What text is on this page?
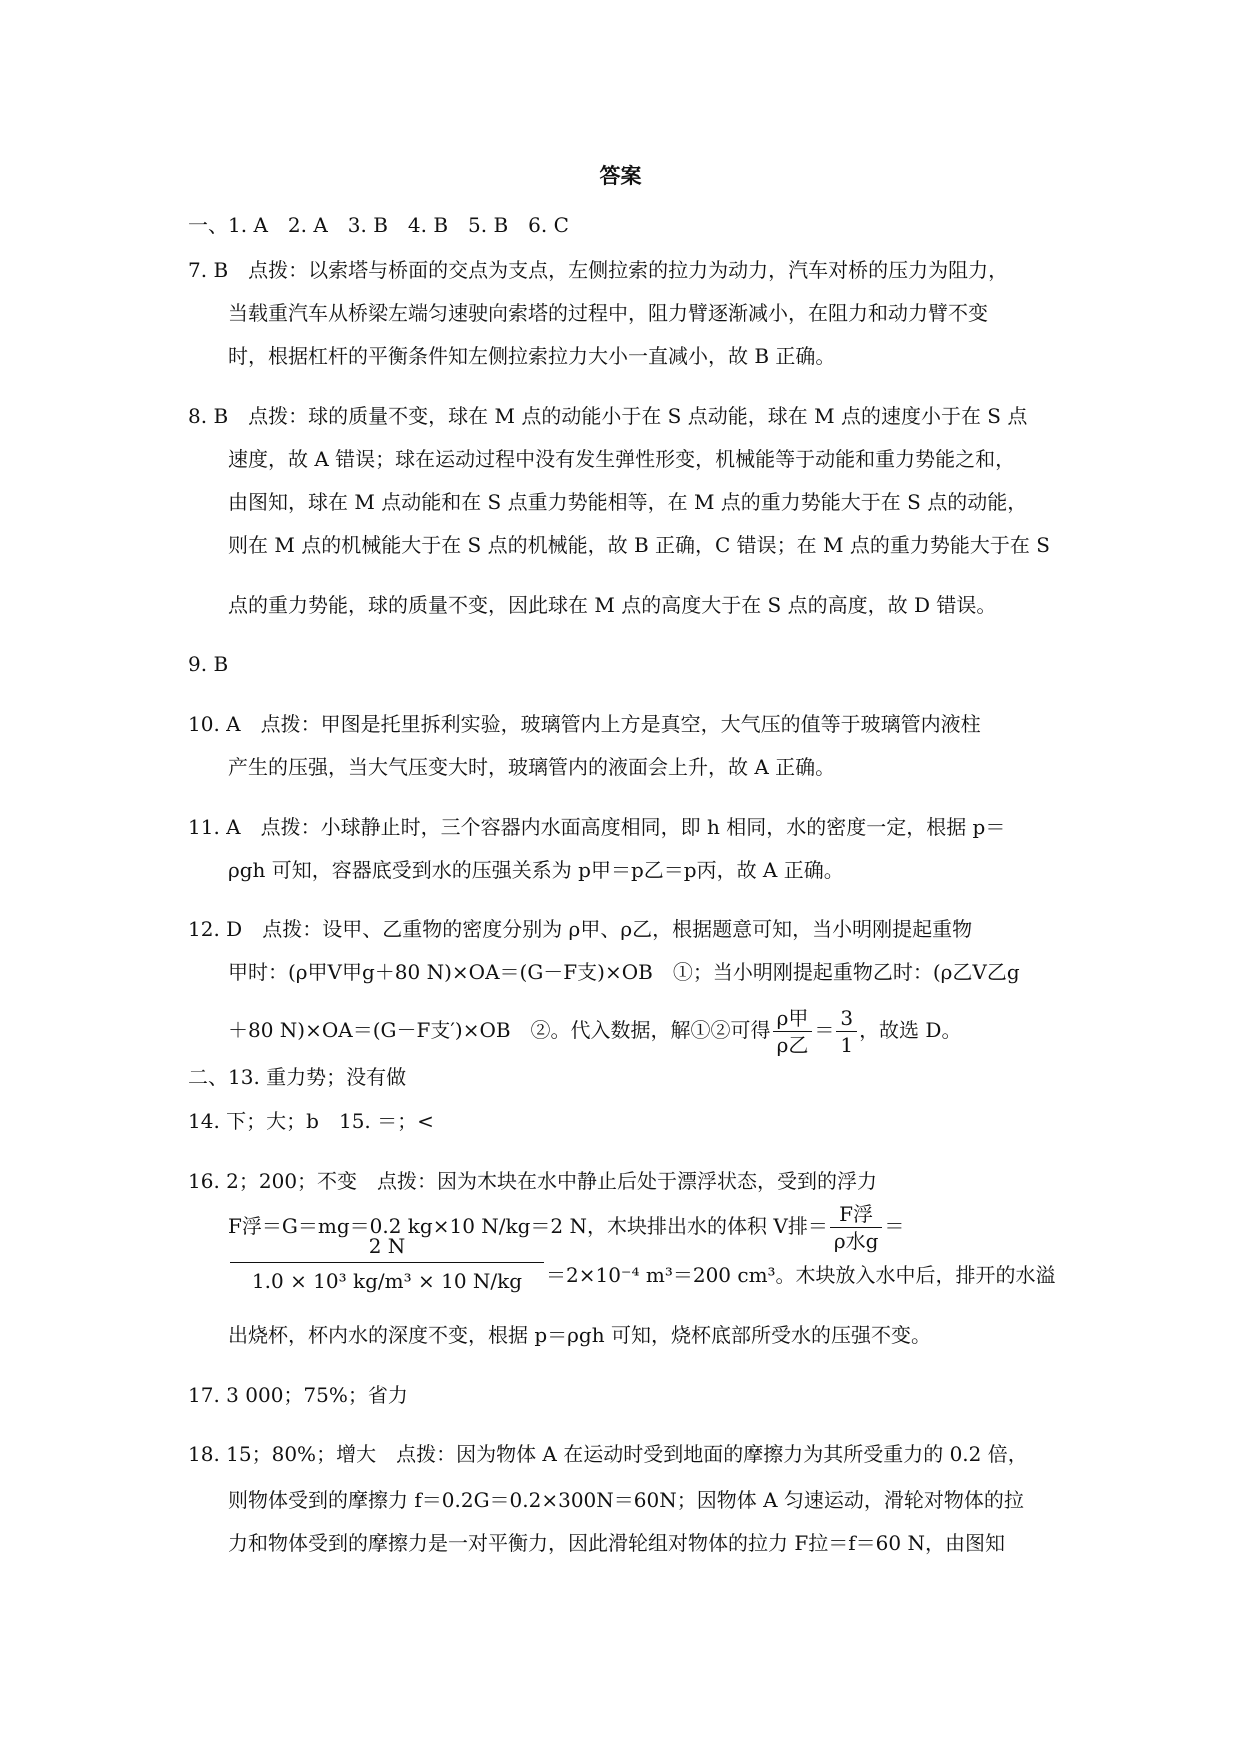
答案
一、1. A　2. A　3. B　4. B　5. B　6. C
7. B　点拨：以索塔与桥面的交点为支点，左侧拉索的拉力为动力，汽车对桥的压力为阻力，
当载重汽车从桥梁左端匀速驶向索塔的过程中，阻力臂逐渐减小，在阻力和动力臂不变
时，根据杠杆的平衡条件知左侧拉索拉力大小一直减小，故 B 正确。
8. B　点拨：球的质量不变，球在 M 点的动能小于在 S 点动能，球在 M 点的速度小于在 S 点
速度，故 A 错误；球在运动过程中没有发生弹性形变，机械能等于动能和重力势能之和，
由图知，球在 M 点动能和在 S 点重力势能相等，在 M 点的重力势能大于在 S 点的动能，
则在 M 点的机械能大于在 S 点的机械能，故 B 正确，C 错误；在 M 点的重力势能大于在 S
点的重力势能，球的质量不变，因此球在 M 点的高度大于在 S 点的高度，故 D 错误。
9. B
10. A　点拨：甲图是托里拆利实验，玻璃管内上方是真空，大气压的值等于玻璃管内液柱
产生的压强，当大气压变大时，玻璃管内的液面会上升，故 A 正确。
11. A　点拨：小球静止时，三个容器内水面高度相同，即 h 相同，水的密度一定，根据 p＝
ρgh 可知，容器底受到水的压强关系为 p甲＝p乙＝p丙，故 A 正确。
12. D　点拨：设甲、乙重物的密度分别为 ρ甲、ρ乙，根据题意可知，当小明刚提起重物
甲时：(ρ甲V甲g＋80 N)×OA＝(G－F支)×OB　①；当小明刚提起重物乙时：(ρ乙V乙g
＋80 N)×OA＝(G－F支′)×OB　②。代入数据，解①②可得 $\frac{\text{ρ甲}}{\text{ρ乙}} = \frac{3}{1}$ ，故选 D。
二、13. 重力势；没有做
14. 下；大；b　15. ＝；<
16. 2；200；不变　点拨：因为木块在水中静止后处于漂浮状态，受到的浮力
F浮＝G＝mg＝0.2 kg×10 N/kg＝2 N，木块排出水的体积 V排＝ $\frac{\text{F浮}}{\text{ρ水g}}$ ＝
2 N
1.0 × 10³ kg/m³ × 10 N/kg	＝2×10⁻⁴ m³＝200 cm³。木块放入水中后，排开的水溢
出烧杯，杯内水的深度不变，根据 p＝ρgh 可知，烧杯底部所受水的压强不变。
17. 3 000；75%；省力
18. 15；80%；增大　点拨：因为物体 A 在运动时受到地面的摩擦力为其所受重力的 0.2 倍，
则物体受到的摩擦力 f＝0.2G＝0.2×300N＝60N；因物体 A 匀速运动，滑轮对物体的拉
力和物体受到的摩擦力是一对平衡力，因此滑轮组对物体的拉力 F拉＝f＝60 N，由图知
